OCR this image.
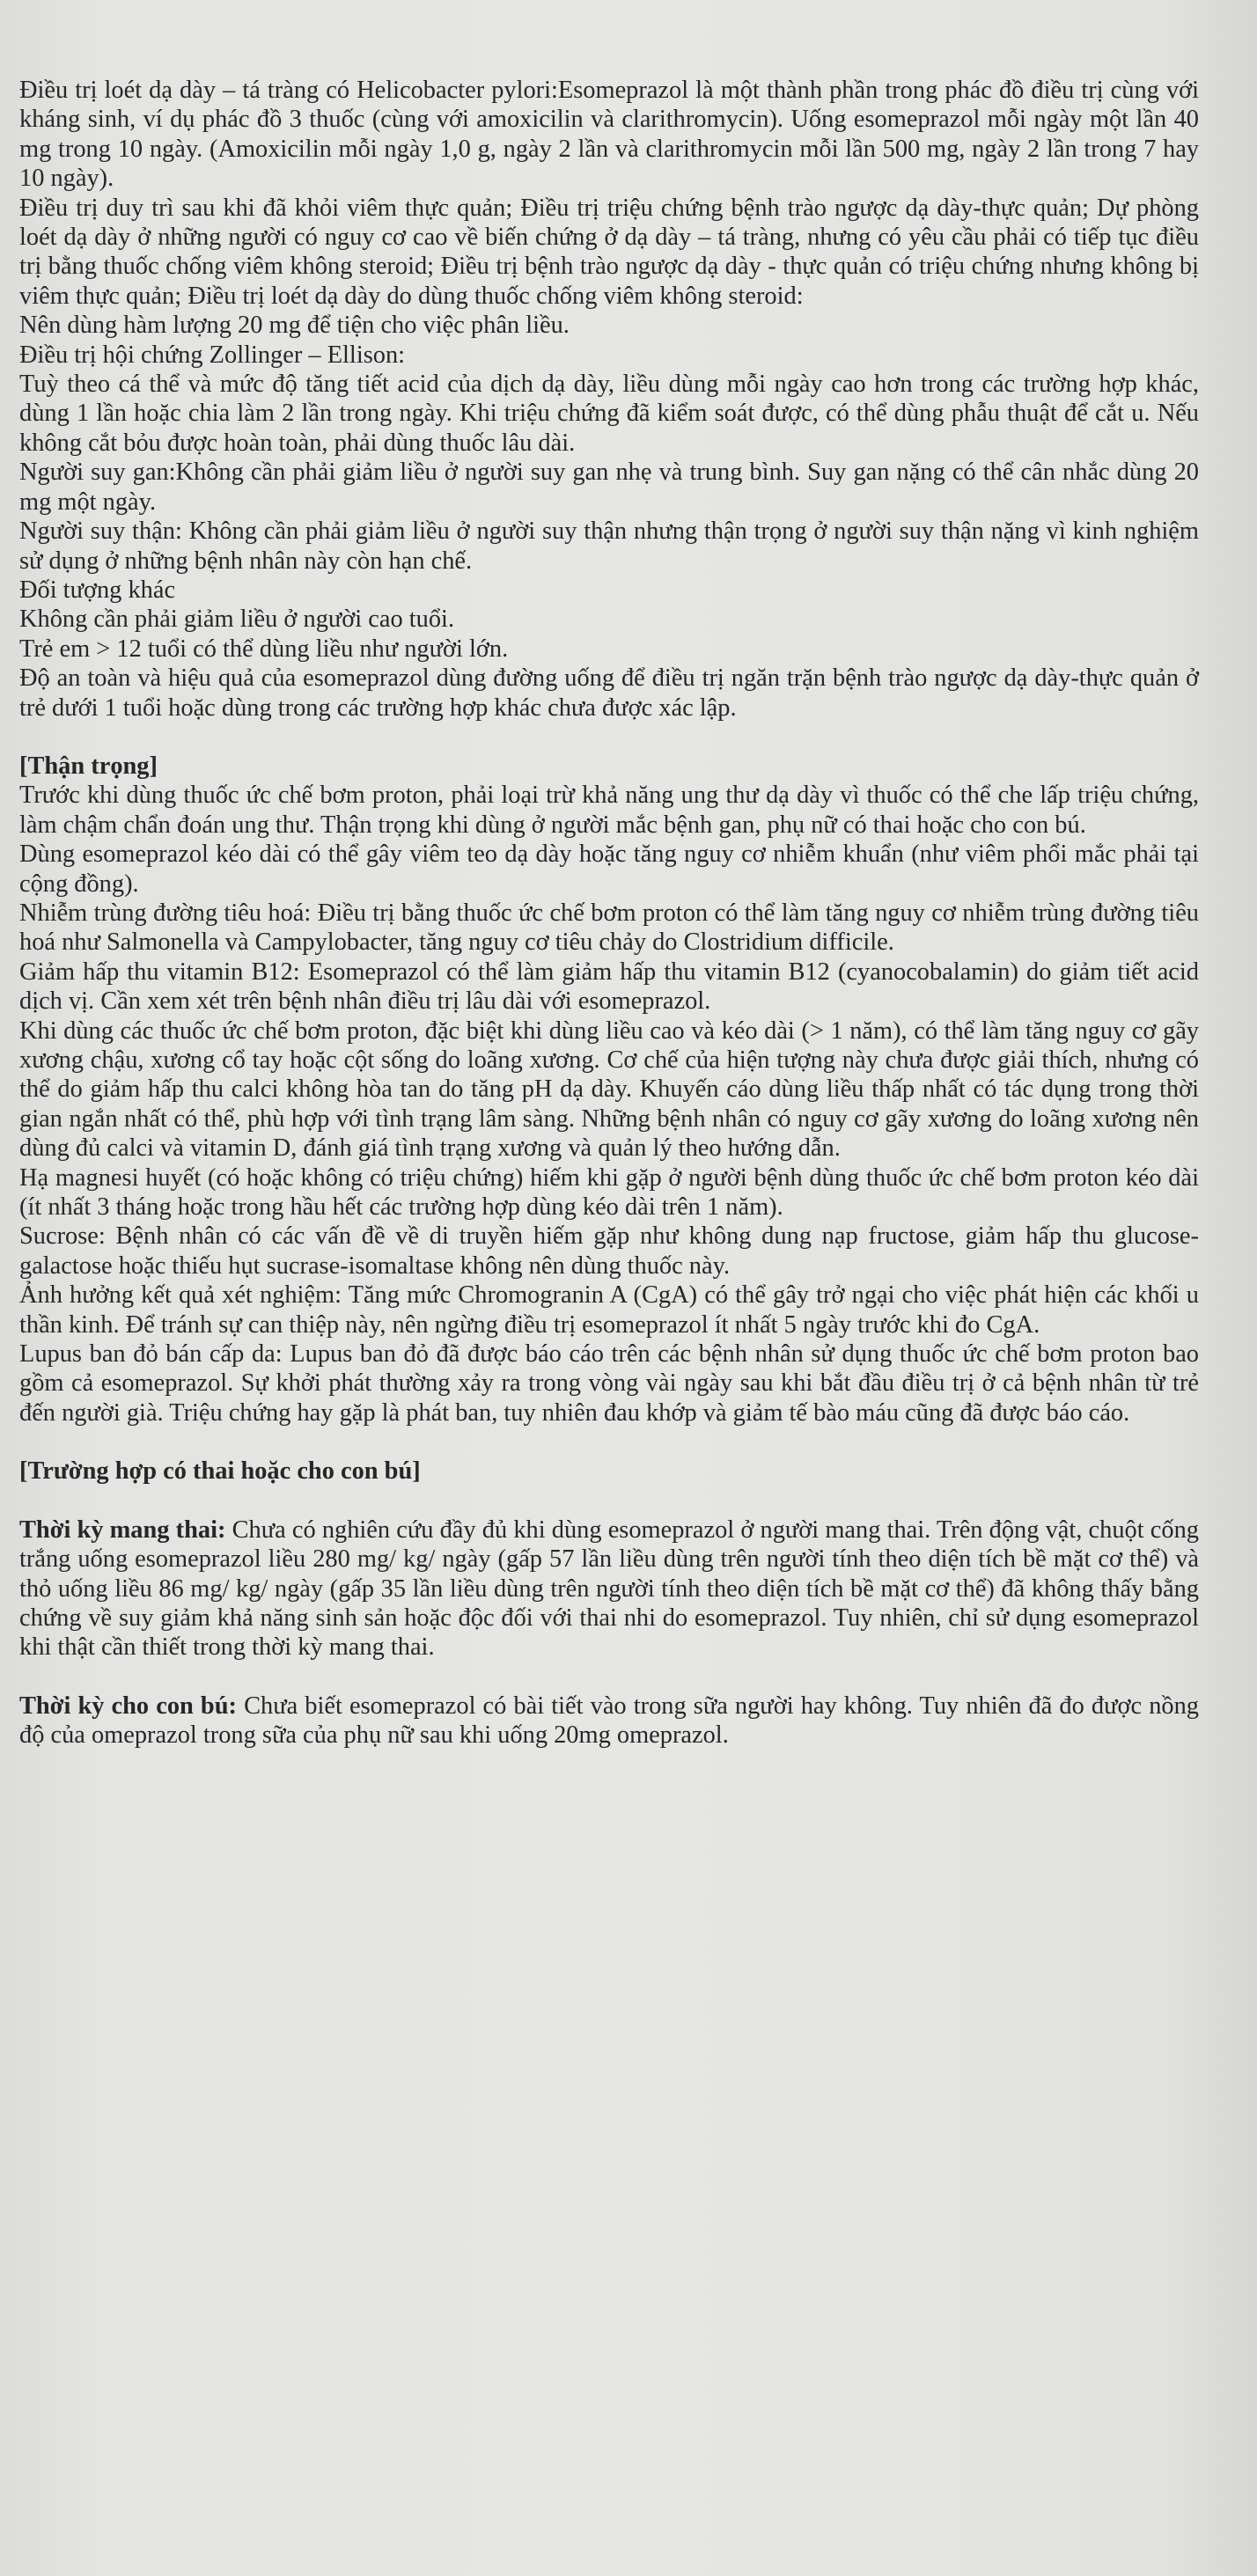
Điều trị loét dạ dày – tá tràng có Helicobacter pylori:Esomeprazol là một thành phần trong phác đồ điều trị cùng với kháng sinh, ví dụ phác đồ 3 thuốc (cùng với amoxicilin và clarithromycin). Uống esomeprazol mỗi ngày một lần 40 mg trong 10 ngày. (Amoxicilin mỗi ngày 1,0 g, ngày 2 lần và clarithromycin mỗi lần 500 mg, ngày 2 lần trong 7 hay 10 ngày).

Điều trị duy trì sau khi đã khỏi viêm thực quản; Điều trị triệu chứng bệnh trào ngược dạ dày-thực quản; Dự phòng loét dạ dày ở những người có nguy cơ cao về biến chứng ở dạ dày – tá tràng, nhưng có yêu cầu phải có tiếp tục điều trị bằng thuốc chống viêm không steroid; Điều trị bệnh trào ngược dạ dày - thực quản có triệu chứng nhưng không bị viêm thực quản; Điều trị loét dạ dày do dùng thuốc chống viêm không steroid:

Nên dùng hàm lượng 20 mg để tiện cho việc phân liều.

Điều trị hội chứng Zollinger – Ellison:

Tuỳ theo cá thể và mức độ tăng tiết acid của dịch dạ dày, liều dùng mỗi ngày cao hơn trong các trường hợp khác, dùng 1 lần hoặc chia làm 2 lần trong ngày. Khi triệu chứng đã kiểm soát được, có thể dùng phẫu thuật để cắt u. Nếu không cắt bỏu được hoàn toàn, phải dùng thuốc lâu dài.

Người suy gan:Không cần phải giảm liều ở người suy gan nhẹ và trung bình. Suy gan nặng có thể cân nhắc dùng 20 mg một ngày.

Người suy thận: Không cần phải giảm liều ở người suy thận nhưng thận trọng ở người suy thận nặng vì kinh nghiệm sử dụng ở những bệnh nhân này còn hạn chế.

Đối tượng khác

Không cần phải giảm liều ở người cao tuổi.

Trẻ em > 12 tuổi có thể dùng liều như người lớn.

Độ an toàn và hiệu quả của esomeprazol dùng đường uống để điều trị ngăn trặn bệnh trào ngược dạ dày-thực quản ở trẻ dưới 1 tuổi hoặc dùng trong các trường hợp khác chưa được xác lập.

[Thận trọng]

Trước khi dùng thuốc ức chế bơm proton, phải loại trừ khả năng ung thư dạ dày vì thuốc có thể che lấp triệu chứng, làm chậm chẩn đoán ung thư. Thận trọng khi dùng ở người mắc bệnh gan, phụ nữ có thai hoặc cho con bú.

Dùng esomeprazol kéo dài có thể gây viêm teo dạ dày hoặc tăng nguy cơ nhiễm khuẩn (như viêm phổi mắc phải tại cộng đồng).

Nhiễm trùng đường tiêu hoá: Điều trị bằng thuốc ức chế bơm proton có thể làm tăng nguy cơ nhiễm trùng đường tiêu hoá như Salmonella và Campylobacter, tăng nguy cơ tiêu chảy do Clostridium difficile.

Giảm hấp thu vitamin B12: Esomeprazol có thể làm giảm hấp thu vitamin B12 (cyanocobalamin) do giảm tiết acid dịch vị. Cần xem xét trên bệnh nhân điều trị lâu dài với esomeprazol.

Khi dùng các thuốc ức chế bơm proton, đặc biệt khi dùng liều cao và kéo dài (> 1 năm), có thể làm tăng nguy cơ gãy xương chậu, xương cổ tay hoặc cột sống do loãng xương. Cơ chế của hiện tượng này chưa được giải thích, nhưng có thể do giảm hấp thu calci không hòa tan do tăng pH dạ dày. Khuyến cáo dùng liều thấp nhất có tác dụng trong thời gian ngắn nhất có thể, phù hợp với tình trạng lâm sàng. Những bệnh nhân có nguy cơ gãy xương do loãng xương nên dùng đủ calci và vitamin D, đánh giá tình trạng xương và quản lý theo hướng dẫn.

Hạ magnesi huyết (có hoặc không có triệu chứng) hiếm khi gặp ở người bệnh dùng thuốc ức chế bơm proton kéo dài (ít nhất 3 tháng hoặc trong hầu hết các trường hợp dùng kéo dài trên 1 năm).

Sucrose: Bệnh nhân có các vấn đề về di truyền hiếm gặp như không dung nạp fructose, giảm hấp thu glucose-galactose hoặc thiếu hụt sucrase-isomaltase không nên dùng thuốc này.

Ảnh hưởng kết quả xét nghiệm: Tăng mức Chromogranin A (CgA) có thể gây trở ngại cho việc phát hiện các khối u thần kinh. Để tránh sự can thiệp này, nên ngừng điều trị esomeprazol ít nhất 5 ngày trước khi đo CgA.

Lupus ban đỏ bán cấp da: Lupus ban đỏ đã được báo cáo trên các bệnh nhân sử dụng thuốc ức chế bơm proton bao gồm cả esomeprazol. Sự khởi phát thường xảy ra trong vòng vài ngày sau khi bắt đầu điều trị ở cả bệnh nhân từ trẻ đến người già. Triệu chứng hay gặp là phát ban, tuy nhiên đau khớp và giảm tế bào máu cũng đã được báo cáo.

[Trường hợp có thai hoặc cho con bú]

Thời kỳ mang thai: Chưa có nghiên cứu đầy đủ khi dùng esomeprazol ở người mang thai. Trên động vật, chuột cống trắng uống esomeprazol liều 280 mg/ kg/ ngày (gấp 57 lần liều dùng trên người tính theo diện tích bề mặt cơ thể) và thỏ uống liều 86 mg/ kg/ ngày (gấp 35 lần liều dùng trên người tính theo diện tích bề mặt cơ thể) đã không thấy bằng chứng về suy giảm khả năng sinh sản hoặc độc đối với thai nhi do esomeprazol. Tuy nhiên, chỉ sử dụng esomeprazol khi thật cần thiết trong thời kỳ mang thai.

Thời kỳ cho con bú: Chưa biết esomeprazol có bài tiết vào trong sữa người hay không. Tuy nhiên đã đo được nồng độ của omeprazol trong sữa của phụ nữ sau khi uống 20mg omeprazol.
